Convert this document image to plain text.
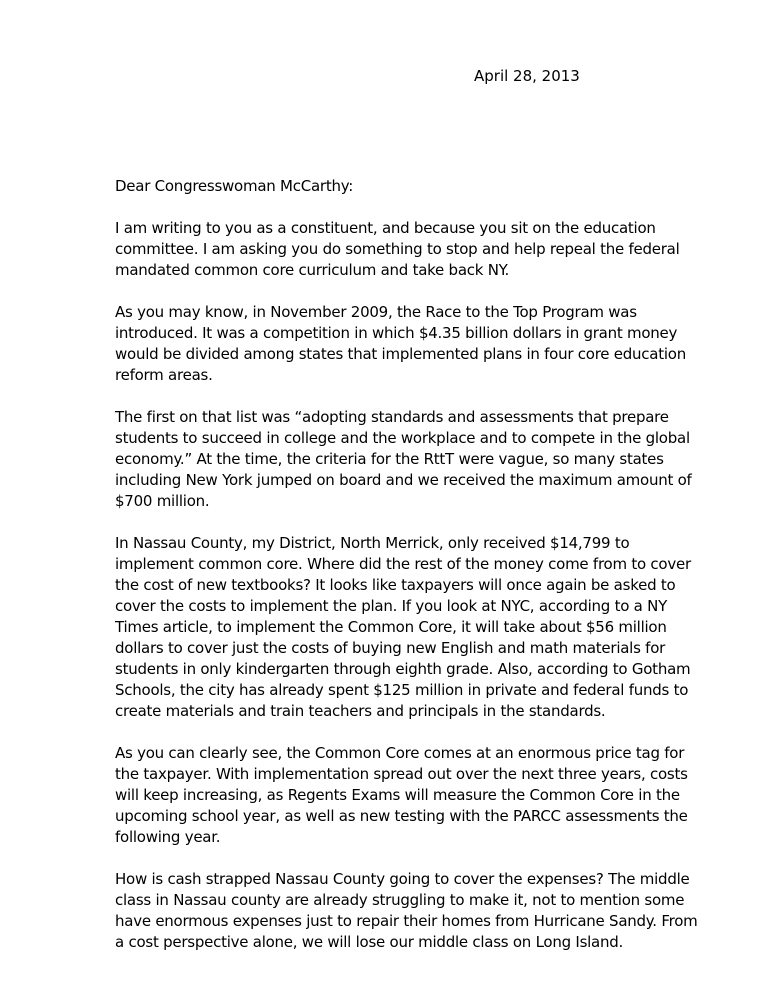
April 28, 2013
Dear Congresswoman McCarthy:
I am writing to you as a constituent, and because you sit on the education
committee. I am asking you do something to stop and help repeal the federal
mandated common core curriculum and take back NY.
As you may know, in November 2009, the Race to the Top Program was
introduced. It was a competition in which $4.35 billion dollars in grant money
would be divided among states that implemented plans in four core education
reform areas.
The first on that list was “adopting standards and assessments that prepare
students to succeed in college and the workplace and to compete in the global
economy.” At the time, the criteria for the RttT were vague, so many states
including New York jumped on board and we received the maximum amount of
$700 million.
In Nassau County, my District, North Merrick, only received $14,799 to
implement common core. Where did the rest of the money come from to cover
the cost of new textbooks? It looks like taxpayers will once again be asked to
cover the costs to implement the plan. If you look at NYC, according to a NY
Times article, to implement the Common Core, it will take about $56 million
dollars to cover just the costs of buying new English and math materials for
students in only kindergarten through eighth grade. Also, according to Gotham
Schools, the city has already spent $125 million in private and federal funds to
create materials and train teachers and principals in the standards.
As you can clearly see, the Common Core comes at an enormous price tag for
the taxpayer. With implementation spread out over the next three years, costs
will keep increasing, as Regents Exams will measure the Common Core in the
upcoming school year, as well as new testing with the PARCC assessments the
following year.
How is cash strapped Nassau County going to cover the expenses? The middle
class in Nassau county are already struggling to make it, not to mention some
have enormous expenses just to repair their homes from Hurricane Sandy. From
a cost perspective alone, we will lose our middle class on Long Island.
